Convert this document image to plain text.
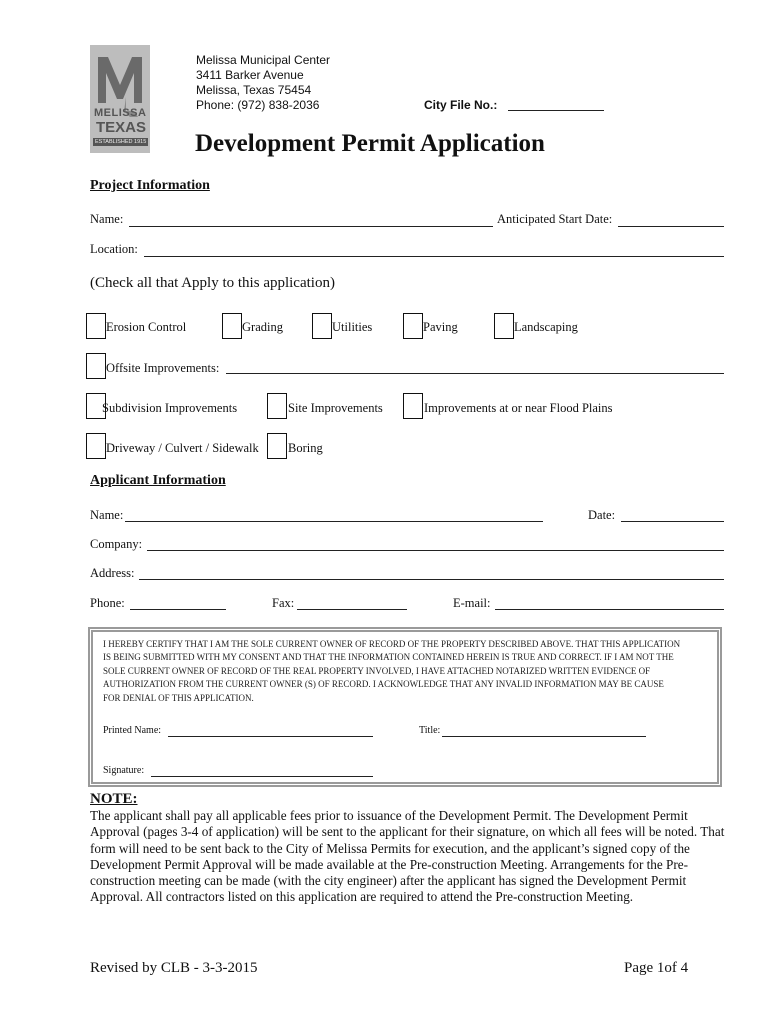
MELISSA
TEXAS
ESTABLISHED 1915
Melissa Municipal Center
3411 Barker Avenue
Melissa, Texas 75454
Phone: (972) 838-2036	City File No.:
Development Permit Application
Project Information
Name:	Anticipated Start Date:
Location:
(Check all that Apply to this application)
Erosion Control	Grading	Utilities	Paving	Landscaping
Offsite Improvements:
Subdivision Improvements	Site Improvements	Improvements at or near Flood Plains
Driveway / Culvert / Sidewalk Boring
Applicant Information
Name:	Date:
Company:
Address:
Phone:	Fax:	E-mail:
I HEREBY CERTIFY THAT I AM THE SOLE CURRENT OWNER OF RECORD OF THE PROPERTY DESCRIBED ABOVE. THAT THIS APPLICATION IS BEING SUBMITTED WITH MY CONSENT AND THAT THE INFORMATION CONTAINED HEREIN IS TRUE AND CORRECT. IF I AM NOT THE SOLE CURRENT OWNER OF RECORD OF THE REAL PROPERTY INVOLVED, I HAVE ATTACHED NOTARIZED WRITTEN EVIDENCE OF AUTHORIZATION FROM THE CURRENT OWNER (S) OF RECORD. I ACKNOWLEDGE THAT ANY INVALID INFORMATION MAY BE CAUSE FOR DENIAL OF THIS APPLICATION.
Printed Name:	Title:
Signature:
NOTE:
The applicant shall pay all applicable fees prior to issuance of the Development Permit. The Development Permit Approval (pages 3-4 of application) will be sent to the applicant for their signature, on which all fees will be noted. That form will need to be sent back to the City of Melissa Permits for execution, and the applicant’s signed copy of the Development Permit Approval will be made available at the Pre-construction Meeting. Arrangements for the Pre-construction meeting can be made (with the city engineer) after the applicant has signed the Development Permit Approval. All contractors listed on this application are required to attend the Pre-construction Meeting.
Revised by CLB - 3-3-2015	Page 1of 4
